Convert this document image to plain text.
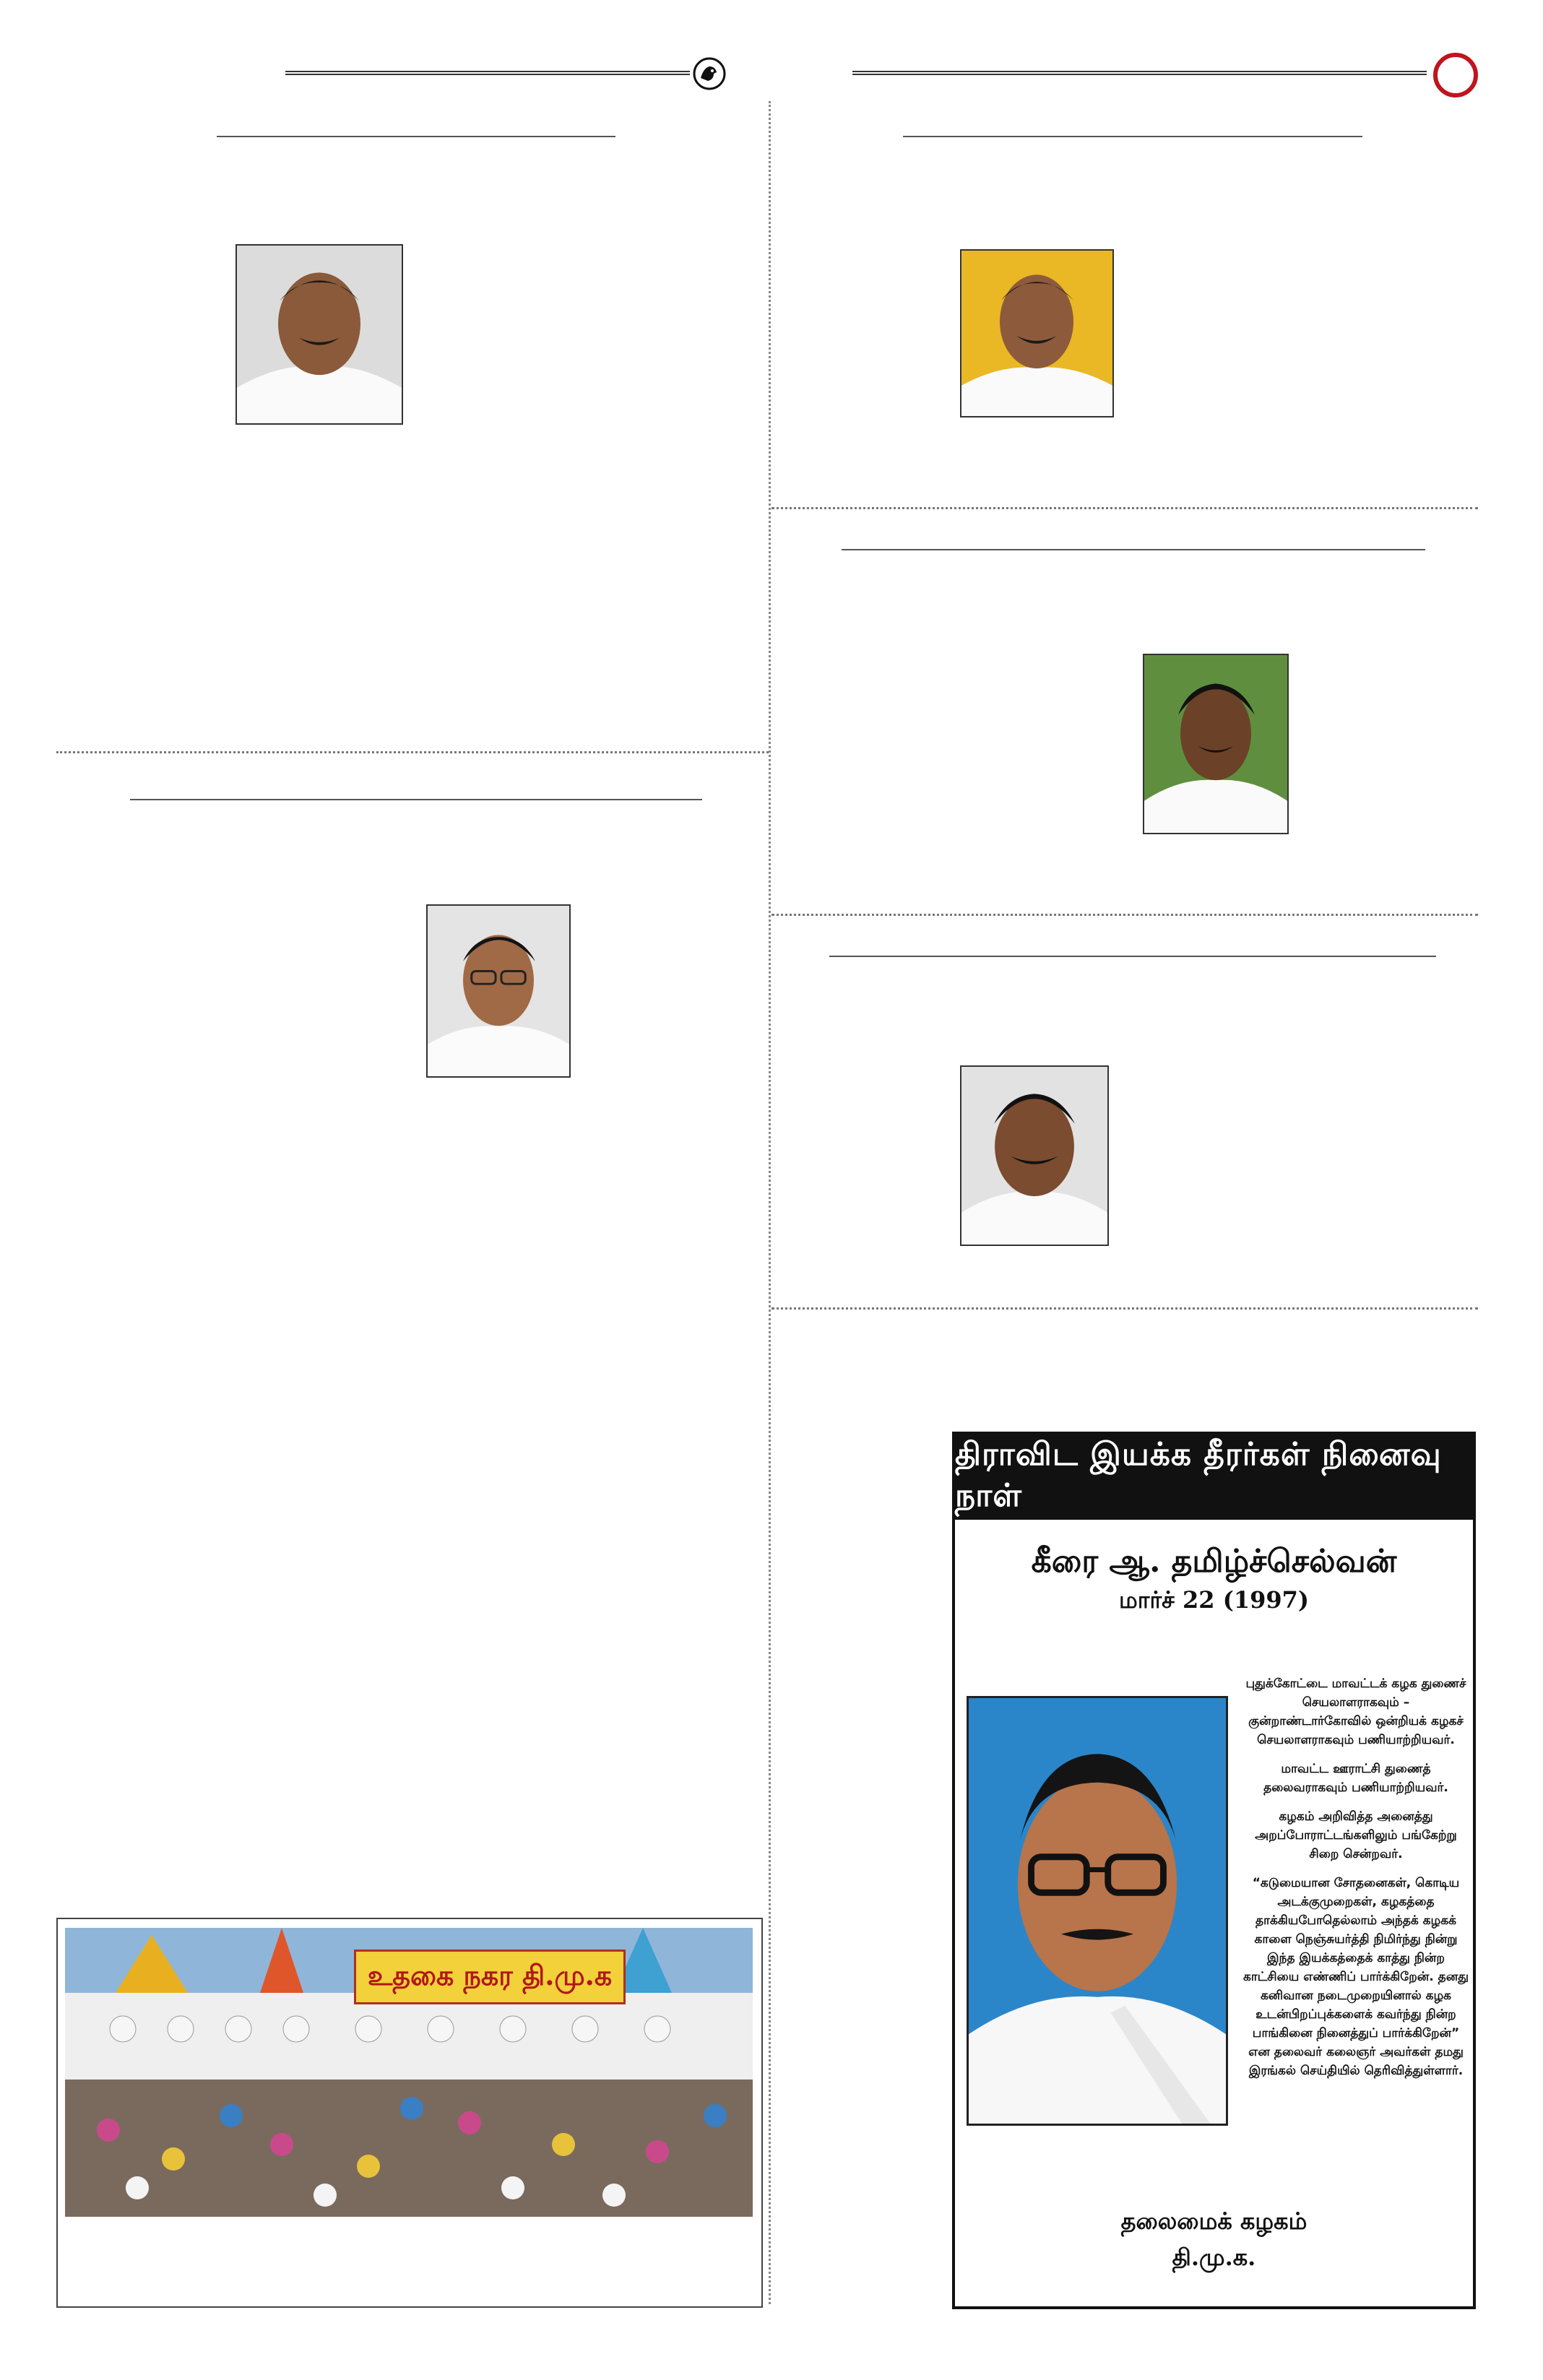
உதகை நகர தி.மு.க
திராவிட இயக்க தீரர்கள் நினைவு நாள்
கீரை ஆ. தமிழ்ச்செல்வன்
மார்ச் 22 (1997)

புதுக்கோட்டை மாவட்டக் கழக துணைச் செயலாளராகவும் – குன்றாண்டார்கோவில் ஒன்றியக் கழகச் செயலாளராகவும் பணியாற்றியவர்.

மாவட்ட ஊராட்சி துணைத் தலைவராகவும் பணியாற்றியவர்.

கழகம் அறிவித்த அனைத்து அறப்போராட்டங்களிலும் பங்கேற்று சிறை சென்றவர்.

“கடுமையான சோதனைகள், கொடிய அடக்குமுறைகள், கழகத்தை தாக்கியபோதெல்லாம் அந்தக் கழகக் காளை நெஞ்சுயர்த்தி நிமிர்ந்து நின்று இந்த இயக்கத்தைக் காத்து நின்ற காட்சியை எண்ணிப் பார்க்கிறேன். தனது கனிவான நடைமுறையினால் கழக உடன்பிறப்புக்களைக் கவர்ந்து நின்ற பாங்கினை நினைத்துப் பார்க்கிறேன்” என தலைவர் கலைஞர் அவர்கள் தமது இரங்கல் செய்தியில் தெரிவித்துள்ளார்.

தலைமைக் கழகம்
தி.மு.க.
